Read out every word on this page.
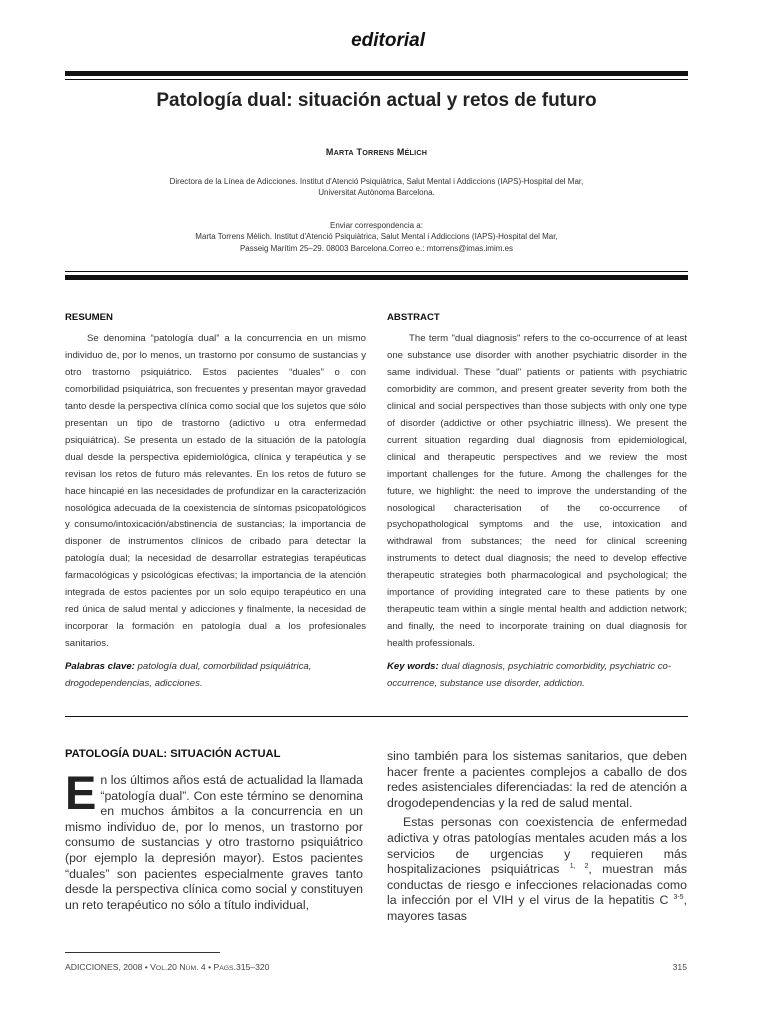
editorial
Patología dual: situación actual y retos de futuro
MARTA TORRENS MÉLICH
Directora de la Línea de Adicciones. Institut d'Atenció Psiquiàtrica, Salut Mental i Addiccions (IAPS)-Hospital del Mar,
Universitat Autònoma Barcelona.
Enviar correspondencia a:
Marta Torrens Mèlich. Institut d'Atenció Psiquiàtrica, Salut Mental i Addiccions (IAPS)-Hospital del Mar,
Passeig Marítim 25–29. 08003 Barcelona.Correo e.: mtorrens@imas.imim.es
RESUMEN

Se denomina “patología dual” a la concurrencia en un mismo individuo de, por lo menos, un trastorno por consumo de sustancias y otro trastorno psiquiátrico. Estos pacientes “duales” o con comorbilidad psiquiátrica, son frecuentes y presentan mayor gravedad tanto desde la perspectiva clínica como social que los sujetos que sólo presentan un tipo de trastorno (adictivo u otra enfermedad psiquiátrica). Se presenta un estado de la situación de la patología dual desde la perspectiva epidemiológica, clínica y terapéutica y se revisan los retos de futuro más relevantes. En los retos de futuro se hace hincapié en las necesidades de profundizar en la caracterización nosológica adecuada de la coexistencia de síntomas psicopatológicos y consumo/intoxicación/abstinencia de sustancias; la importancia de disponer de instrumentos clínicos de cribado para detectar la patología dual; la necesidad de desarrollar estrategias terapéuticas farmacológicas y psicológicas efectivas; la importancia de la atención integrada de estos pacientes por un solo equipo terapéutico en una red única de salud mental y adicciones y finalmente, la necesidad de incorporar la formación en patología dual a los profesionales sanitarios.

Palabras clave: patología dual, comorbilidad psiquiátrica, drogodependencias, adicciones.
ABSTRACT

The term "dual diagnosis" refers to the co-occurrence of at least one substance use disorder with another psychiatric disorder in the same individual. These "dual" patients or patients with psychiatric comorbidity are common, and present greater severity from both the clinical and social perspectives than those subjects with only one type of disorder (addictive or other psychiatric illness). We present the current situation regarding dual diagnosis from epidemiological, clinical and therapeutic perspectives and we review the most important challenges for the future. Among the challenges for the future, we highlight: the need to improve the understanding of the nosological characterisation of the co-occurrence of psychopathological symptoms and the use, intoxication and withdrawal from substances; the need for clinical screening instruments to detect dual diagnosis; the need to develop effective therapeutic strategies both pharmacological and psychological; the importance of providing integrated care to these patients by one therapeutic team within a single mental health and addiction network; and finally, the need to incorporate training on dual diagnosis for health professionals.

Key words: dual diagnosis, psychiatric comorbidity, psychiatric co-occurrence, substance use disorder, addiction.
PATOLOGÍA DUAL: SITUACIÓN ACTUAL

En los últimos años está de actualidad la llamada “patología dual”. Con este término se denomina en muchos ámbitos a la concurrencia en un mismo individuo de, por lo menos, un trastorno por consumo de sustancias y otro trastorno psiquiátrico (por ejemplo la depresión mayor). Estos pacientes “duales” son pacientes especialmente graves tanto desde la perspectiva clínica como social y constituyen un reto terapéutico no sólo a título individual,

sino también para los sistemas sanitarios, que deben hacer frente a pacientes complejos a caballo de dos redes asistenciales diferenciadas: la red de atención a drogodependencias y la red de salud mental.

Estas personas con coexistencia de enfermedad adictiva y otras patologías mentales acuden más a los servicios de urgencias y requieren más hospitalizaciones psiquiátricas $^{1, 2}$, muestran más conductas de riesgo e infecciones relacionadas como la infección por el VIH y el virus de la hepatitis C $^{3-5}$, mayores tasas

ADICCIONES, 2008 • VOL.20 NÚM. 4 • PAGS.315–320	315
